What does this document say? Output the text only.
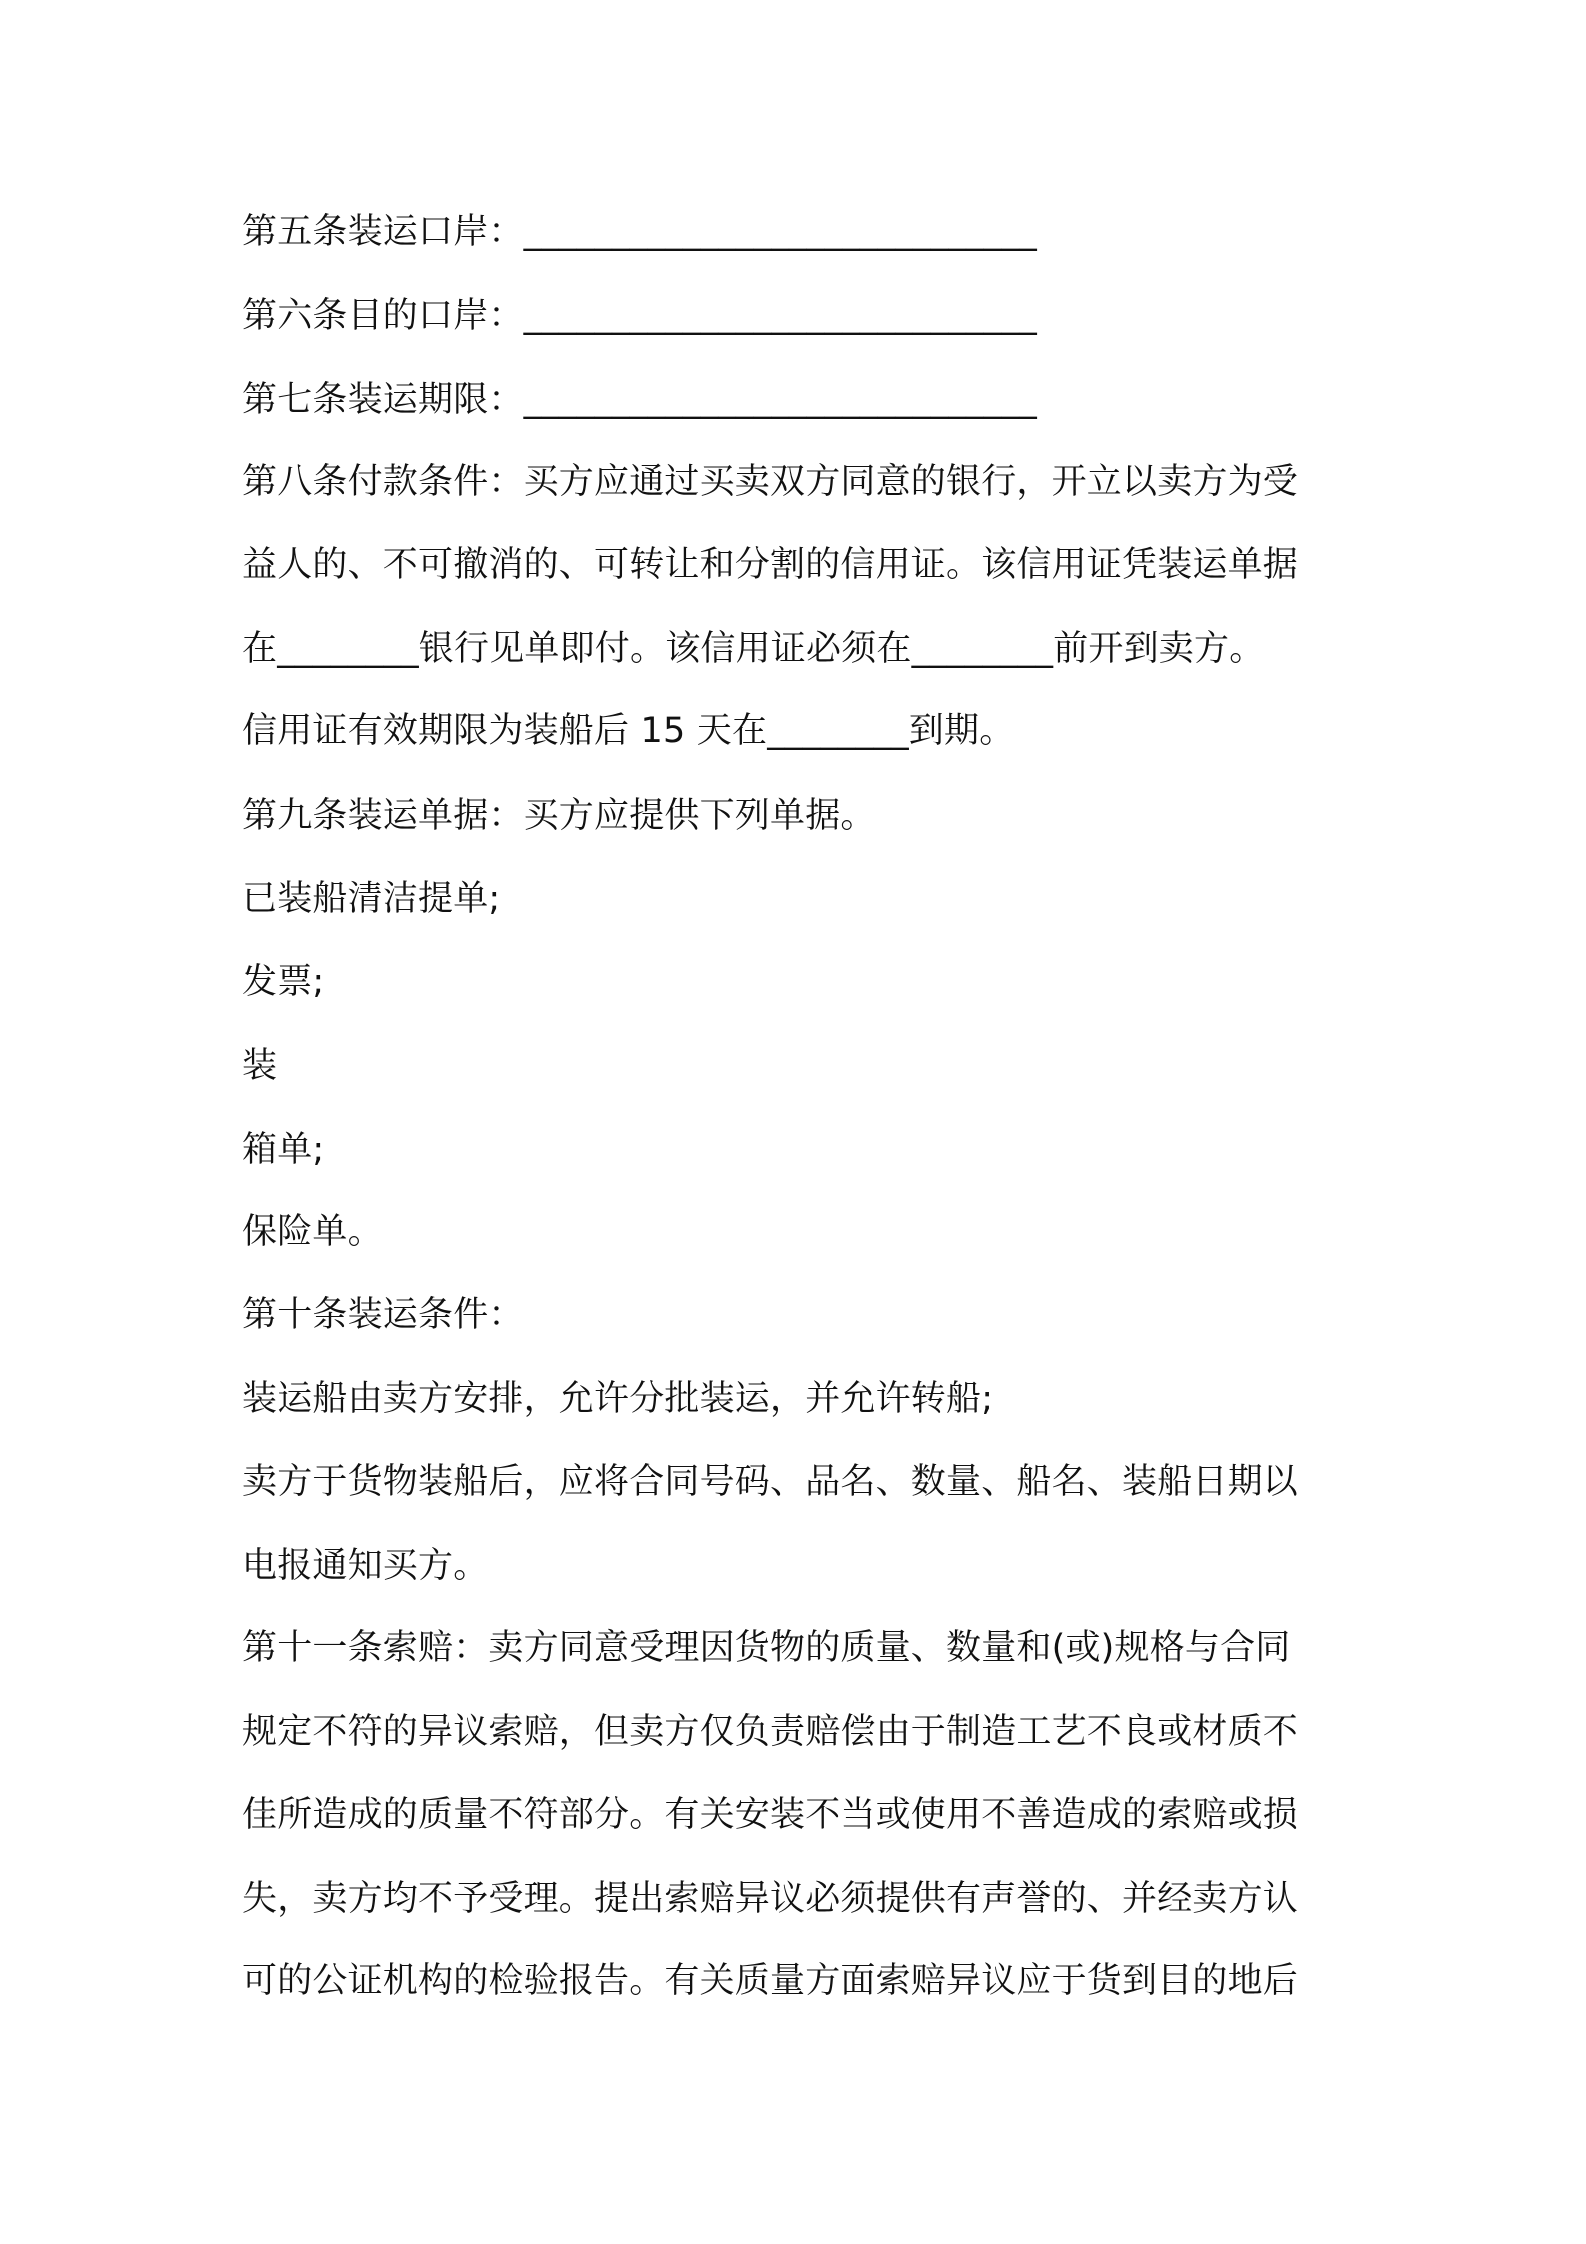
第五条装运口岸：_____________________________
第六条目的口岸：_____________________________
第七条装运期限：_____________________________
第八条付款条件：买方应通过买卖双方同意的银行，开立以卖方为受
益人的、不可撤消的、可转让和分割的信用证。该信用证凭装运单据
在________银行见单即付。该信用证必须在________前开到卖方。
信用证有效期限为装船后 15 天在________到期。
第九条装运单据：买方应提供下列单据。
已装船清洁提单;
发票;
装
箱单;
保险单。
第十条装运条件：
装运船由卖方安排，允许分批装运，并允许转船;
卖方于货物装船后，应将合同号码、品名、数量、船名、装船日期以
电报通知买方。
第十一条索赔：卖方同意受理因货物的质量、数量和(或)规格与合同
规定不符的异议索赔，但卖方仅负责赔偿由于制造工艺不良或材质不
佳所造成的质量不符部分。有关安装不当或使用不善造成的索赔或损
失，卖方均不予受理。提出索赔异议必须提供有声誉的、并经卖方认
可的公证机构的检验报告。有关质量方面索赔异议应于货到目的地后
